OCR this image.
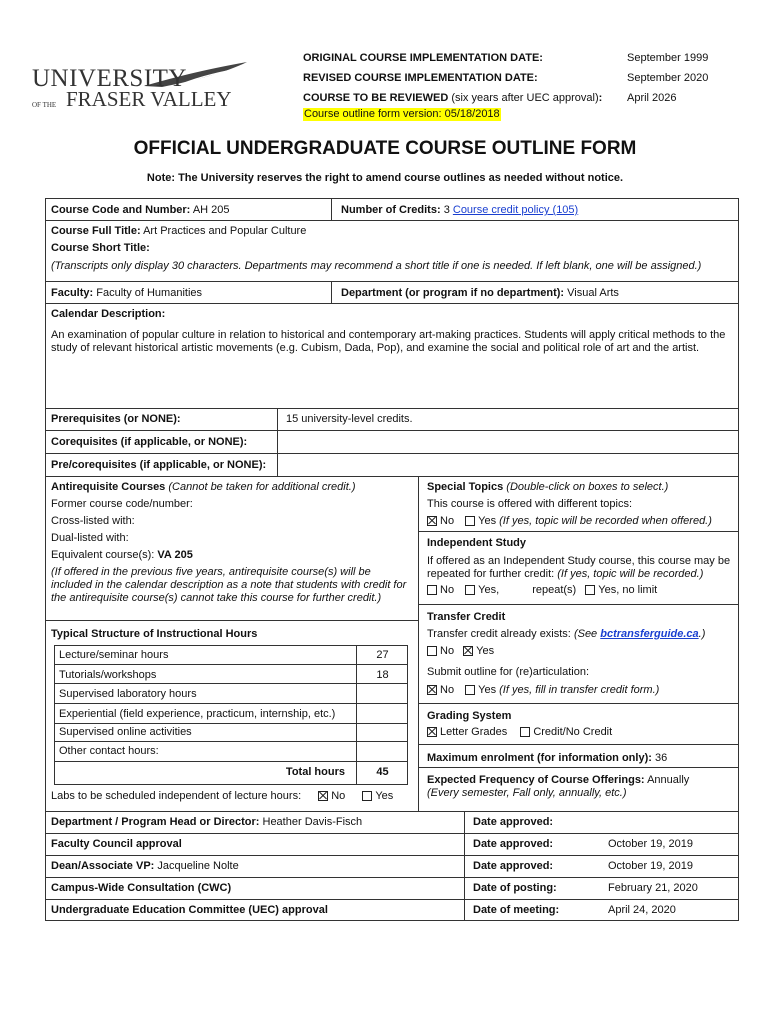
UNIVERSITY
OF THE FRASER VALLEY
ORIGINAL COURSE IMPLEMENTATION DATE:	September 1999
REVISED COURSE IMPLEMENTATION DATE:	September 2020
COURSE TO BE REVIEWED (six years after UEC approval): April 2026
Course outline form version: 05/18/2018
OFFICIAL UNDERGRADUATE COURSE OUTLINE FORM
Note: The University reserves the right to amend course outlines as needed without notice.
Course Code and Number: AH 205	Number of Credits: 3 Course credit policy (105)
Course Full Title: Art Practices and Popular Culture
Course Short Title:
(Transcripts only display 30 characters. Departments may recommend a short title if one is needed. If left blank, one will be assigned.)
Faculty: Faculty of Humanities	Department (or program if no department): Visual Arts
Calendar Description:
An examination of popular culture in relation to historical and contemporary art-making practices. Students will apply critical methods to the study of relevant historical artistic movements (e.g. Cubism, Dada, Pop), and examine the social and political role of art and the artist.
Prerequisites (or NONE):	15 university-level credits.
Corequisites (if applicable, or NONE):
Pre/corequisites (if applicable, or NONE):
Antirequisite Courses (Cannot be taken for additional credit.)
Former course code/number:
Cross-listed with:
Dual-listed with:
Equivalent course(s): VA 205
(If offered in the previous five years, antirequisite course(s) will be included in the calendar description as a note that students with credit for the antirequisite course(s) cannot take this course for further credit.)
Typical Structure of Instructional Hours
Lecture/seminar hours	27
Tutorials/workshops	18
Supervised laboratory hours
Experiential (field experience, practicum, internship, etc.)
Supervised online activities
Other contact hours:
Total hours	45
Labs to be scheduled independent of lecture hours:	No	Yes
Special Topics (Double-click on boxes to select.)
This course is offered with different topics:
No Yes (If yes, topic will be recorded when offered.)
Independent Study
If offered as an Independent Study course, this course may be repeated for further credit: (If yes, topic will be recorded.)
No Yes,	repeat(s) Yes, no limit
Transfer Credit
Transfer credit already exists: (See bctransferguide.ca.)
No Yes
Submit outline for (re)articulation:
No Yes (If yes, fill in transfer credit form.)
Grading System
Letter Grades Credit/No Credit
Maximum enrolment (for information only): 36
Expected Frequency of Course Offerings: Annually
(Every semester, Fall only, annually, etc.)
Department / Program Head or Director: Heather Davis-Fisch	Date approved:
Faculty Council approval	Date approved:	October 19, 2019
Dean/Associate VP: Jacqueline Nolte	Date approved:	October 19, 2019
Campus-Wide Consultation (CWC)	Date of posting:	February 21, 2020
Undergraduate Education Committee (UEC) approval	Date of meeting:	April 24, 2020
